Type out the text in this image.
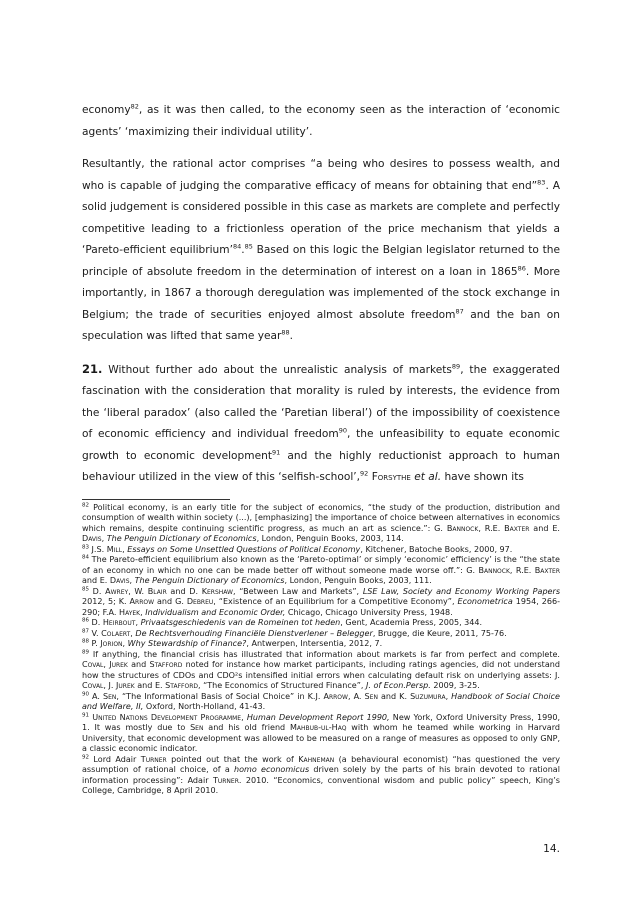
economy$^{82}$, as it was then called, to the economy seen as the interaction of ‘economic agents’ ‘maximizing their individual utility’.

Resultantly, the rational actor comprises “a being who desires to possess wealth, and who is capable of judging the comparative efficacy of means for obtaining that end”$^{83}$. A solid judgement is considered possible in this case as markets are complete and perfectly competitive leading to a frictionless operation of the price mechanism that yields a ‘Pareto-efficient equilibrium’$^{84}$.$^{85}$ Based on this logic the Belgian legislator returned to the principle of absolute freedom in the determination of interest on a loan in 1865$^{86}$. More importantly, in 1867 a thorough deregulation was implemented of the stock exchange in Belgium; the trade of securities enjoyed almost absolute freedom$^{87}$ and the ban on speculation was lifted that same year$^{88}$.

21. Without further ado about the unrealistic analysis of markets$^{89}$, the exaggerated fascination with the consideration that morality is ruled by interests, the evidence from the ‘liberal paradox’ (also called the ‘Paretian liberal’) of the impossibility of coexistence of economic efficiency and individual freedom$^{90}$, the unfeasibility to equate economic growth to economic development$^{91}$ and the highly reductionist approach to human behaviour utilized in the view of this ‘selfish-school’,$^{92}$ Forsythe et al. have shown its

$^{82}$ Political economy, is an early title for the subject of economics, “the study of the production, distribution and consumption of wealth within society (...), [emphasizing] the importance of choice between alternatives in economics which remains, despite continuing scientific progress, as much an art as science.”: G. Bannock, R.E. Baxter and E. Davis, The Penguin Dictionary of Economics, London, Penguin Books, 2003, 114.

$^{83}$ J.S. Mill, Essays on Some Unsettled Questions of Political Economy, Kitchener, Batoche Books, 2000, 97.

$^{84}$ The Pareto-efficient equilibrium also known as the ‘Pareto-optimal’ or simply ‘economic’ efficiency’ is the “the state of an economy in which no one can be made better off without someone made worse off.”: G. Bannock, R.E. Baxter and E. Davis, The Penguin Dictionary of Economics, London, Penguin Books, 2003, 111.

$^{85}$ D. Awrey, W. Blair and D. Kershaw, “Between Law and Markets”, LSE Law, Society and Economy Working Papers 2012, 5; K. Arrow and G. Debreu, “Existence of an Equilibrium for a Competitive Economy”, Econometrica 1954, 266-290; F.A. Hayek, Individualism and Economic Order, Chicago, Chicago University Press, 1948.

$^{86}$ D. Heirbout, Privaatsgeschiedenis van de Romeinen tot heden, Gent, Academia Press, 2005, 344.

$^{87}$ V. Colaert, De Rechtsverhouding Financiële Dienstverlener – Belegger, Brugge, die Keure, 2011, 75-76.

$^{88}$ P. Jorion, Why Stewardship of Finance?, Antwerpen, Intersentia, 2012, 7.

$^{89}$ If anything, the financial crisis has illustrated that information about markets is far from perfect and complete. Coval, Jurek and Stafford noted for instance how market participants, including ratings agencies, did not understand how the structures of CDOs and CDO²s intensified initial errors when calculating default risk on underlying assets: J. Coval, J. Jurek and E. Stafford, “The Economics of Structured Finance”, J. of Econ.Persp. 2009, 3-25.

$^{90}$ A. Sen, “The Informational Basis of Social Choice” in K.J. Arrow, A. Sen and K. Suzumura, Handbook of Social Choice and Welfare, II, Oxford, North-Holland, 41-43.

$^{91}$ United Nations Development Programme, Human Development Report 1990, New York, Oxford University Press, 1990, 1. It was mostly due to Sen and his old friend Mahbub-ul-Haq with whom he teamed while working in Harvard University, that economic development was allowed to be measured on a range of measures as opposed to only GNP, a classic economic indicator.

$^{92}$ Lord Adair Turner pointed out that the work of Kahneman (a behavioural economist) “has questioned the very assumption of rational choice, of a homo economicus driven solely by the parts of his brain devoted to rational information processing”: Adair Turner. 2010. “Economics, conventional wisdom and public policy” speech, King’s College, Cambridge, 8 April 2010.

14.
